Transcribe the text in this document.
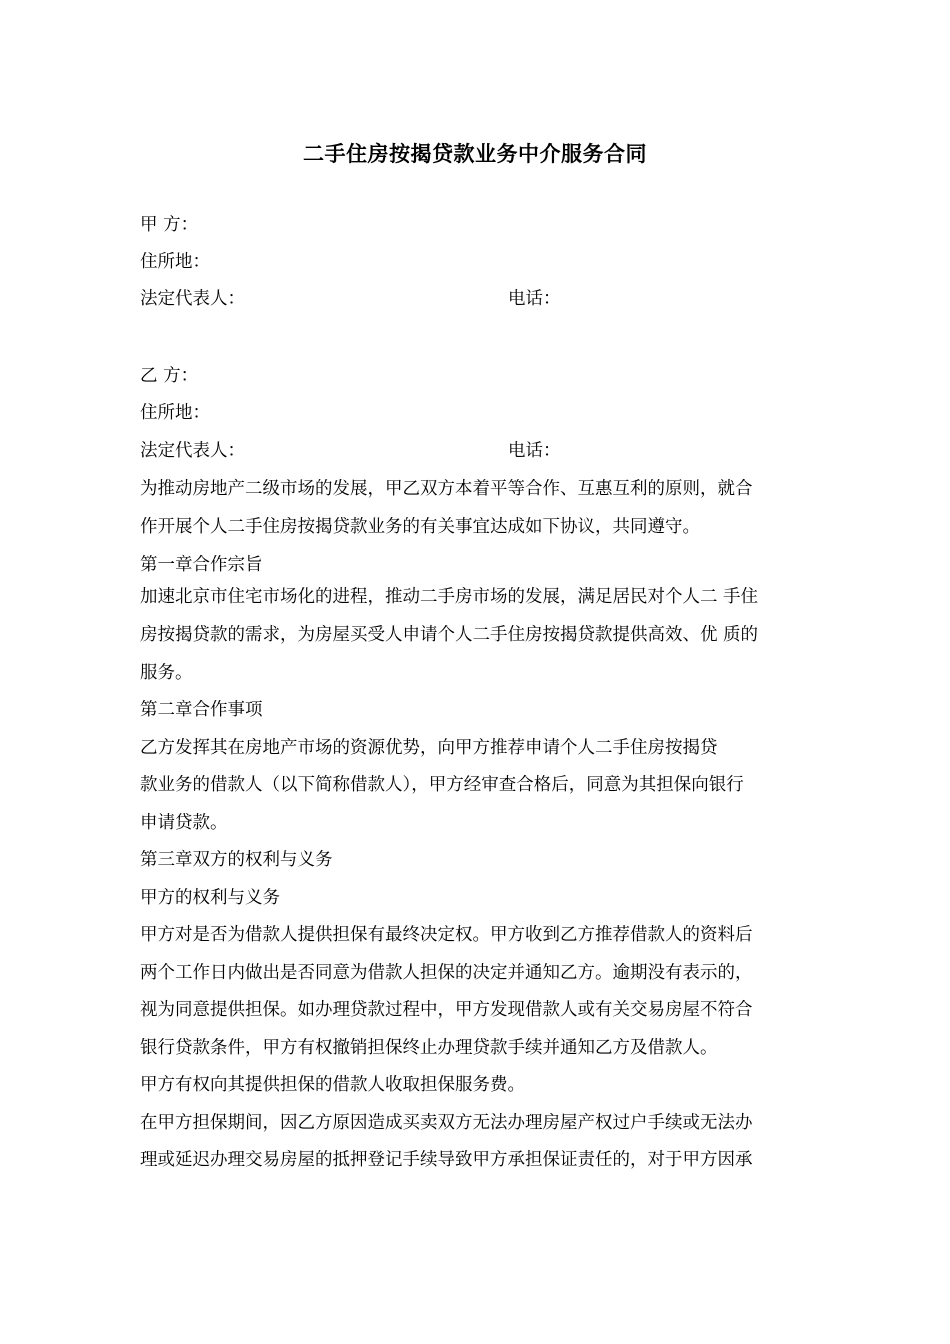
二手住房按揭贷款业务中介服务合同
甲 方：
住所地：
法定代表人：	电话：
乙 方：
住所地：
法定代表人：	电话：
为推动房地产二级市场的发展，甲乙双方本着平等合作、互惠互利的原则，就合
作开展个人二手住房按揭贷款业务的有关事宜达成如下协议，共同遵守。
第一章合作宗旨
加速北京市住宅市场化的进程，推动二手房市场的发展，满足居民对个人二 手住
房按揭贷款的需求，为房屋买受人申请个人二手住房按揭贷款提供高效、优 质的
服务。
第二章合作事项
乙方发挥其在房地产市场的资源优势，向甲方推荐申请个人二手住房按揭贷
款业务的借款人（以下简称借款人），甲方经审查合格后，同意为其担保向银行
申请贷款。
第三章双方的权利与义务
甲方的权利与义务
甲方对是否为借款人提供担保有最终决定权。甲方收到乙方推荐借款人的资料后
两个工作日内做出是否同意为借款人担保的决定并通知乙方。逾期没有表示的，
视为同意提供担保。如办理贷款过程中，甲方发现借款人或有关交易房屋不符合
银行贷款条件，甲方有权撤销担保终止办理贷款手续并通知乙方及借款人。
甲方有权向其提供担保的借款人收取担保服务费。
在甲方担保期间，因乙方原因造成买卖双方无法办理房屋产权过户手续或无法办
理或延迟办理交易房屋的抵押登记手续导致甲方承担保证责任的，对于甲方因承
